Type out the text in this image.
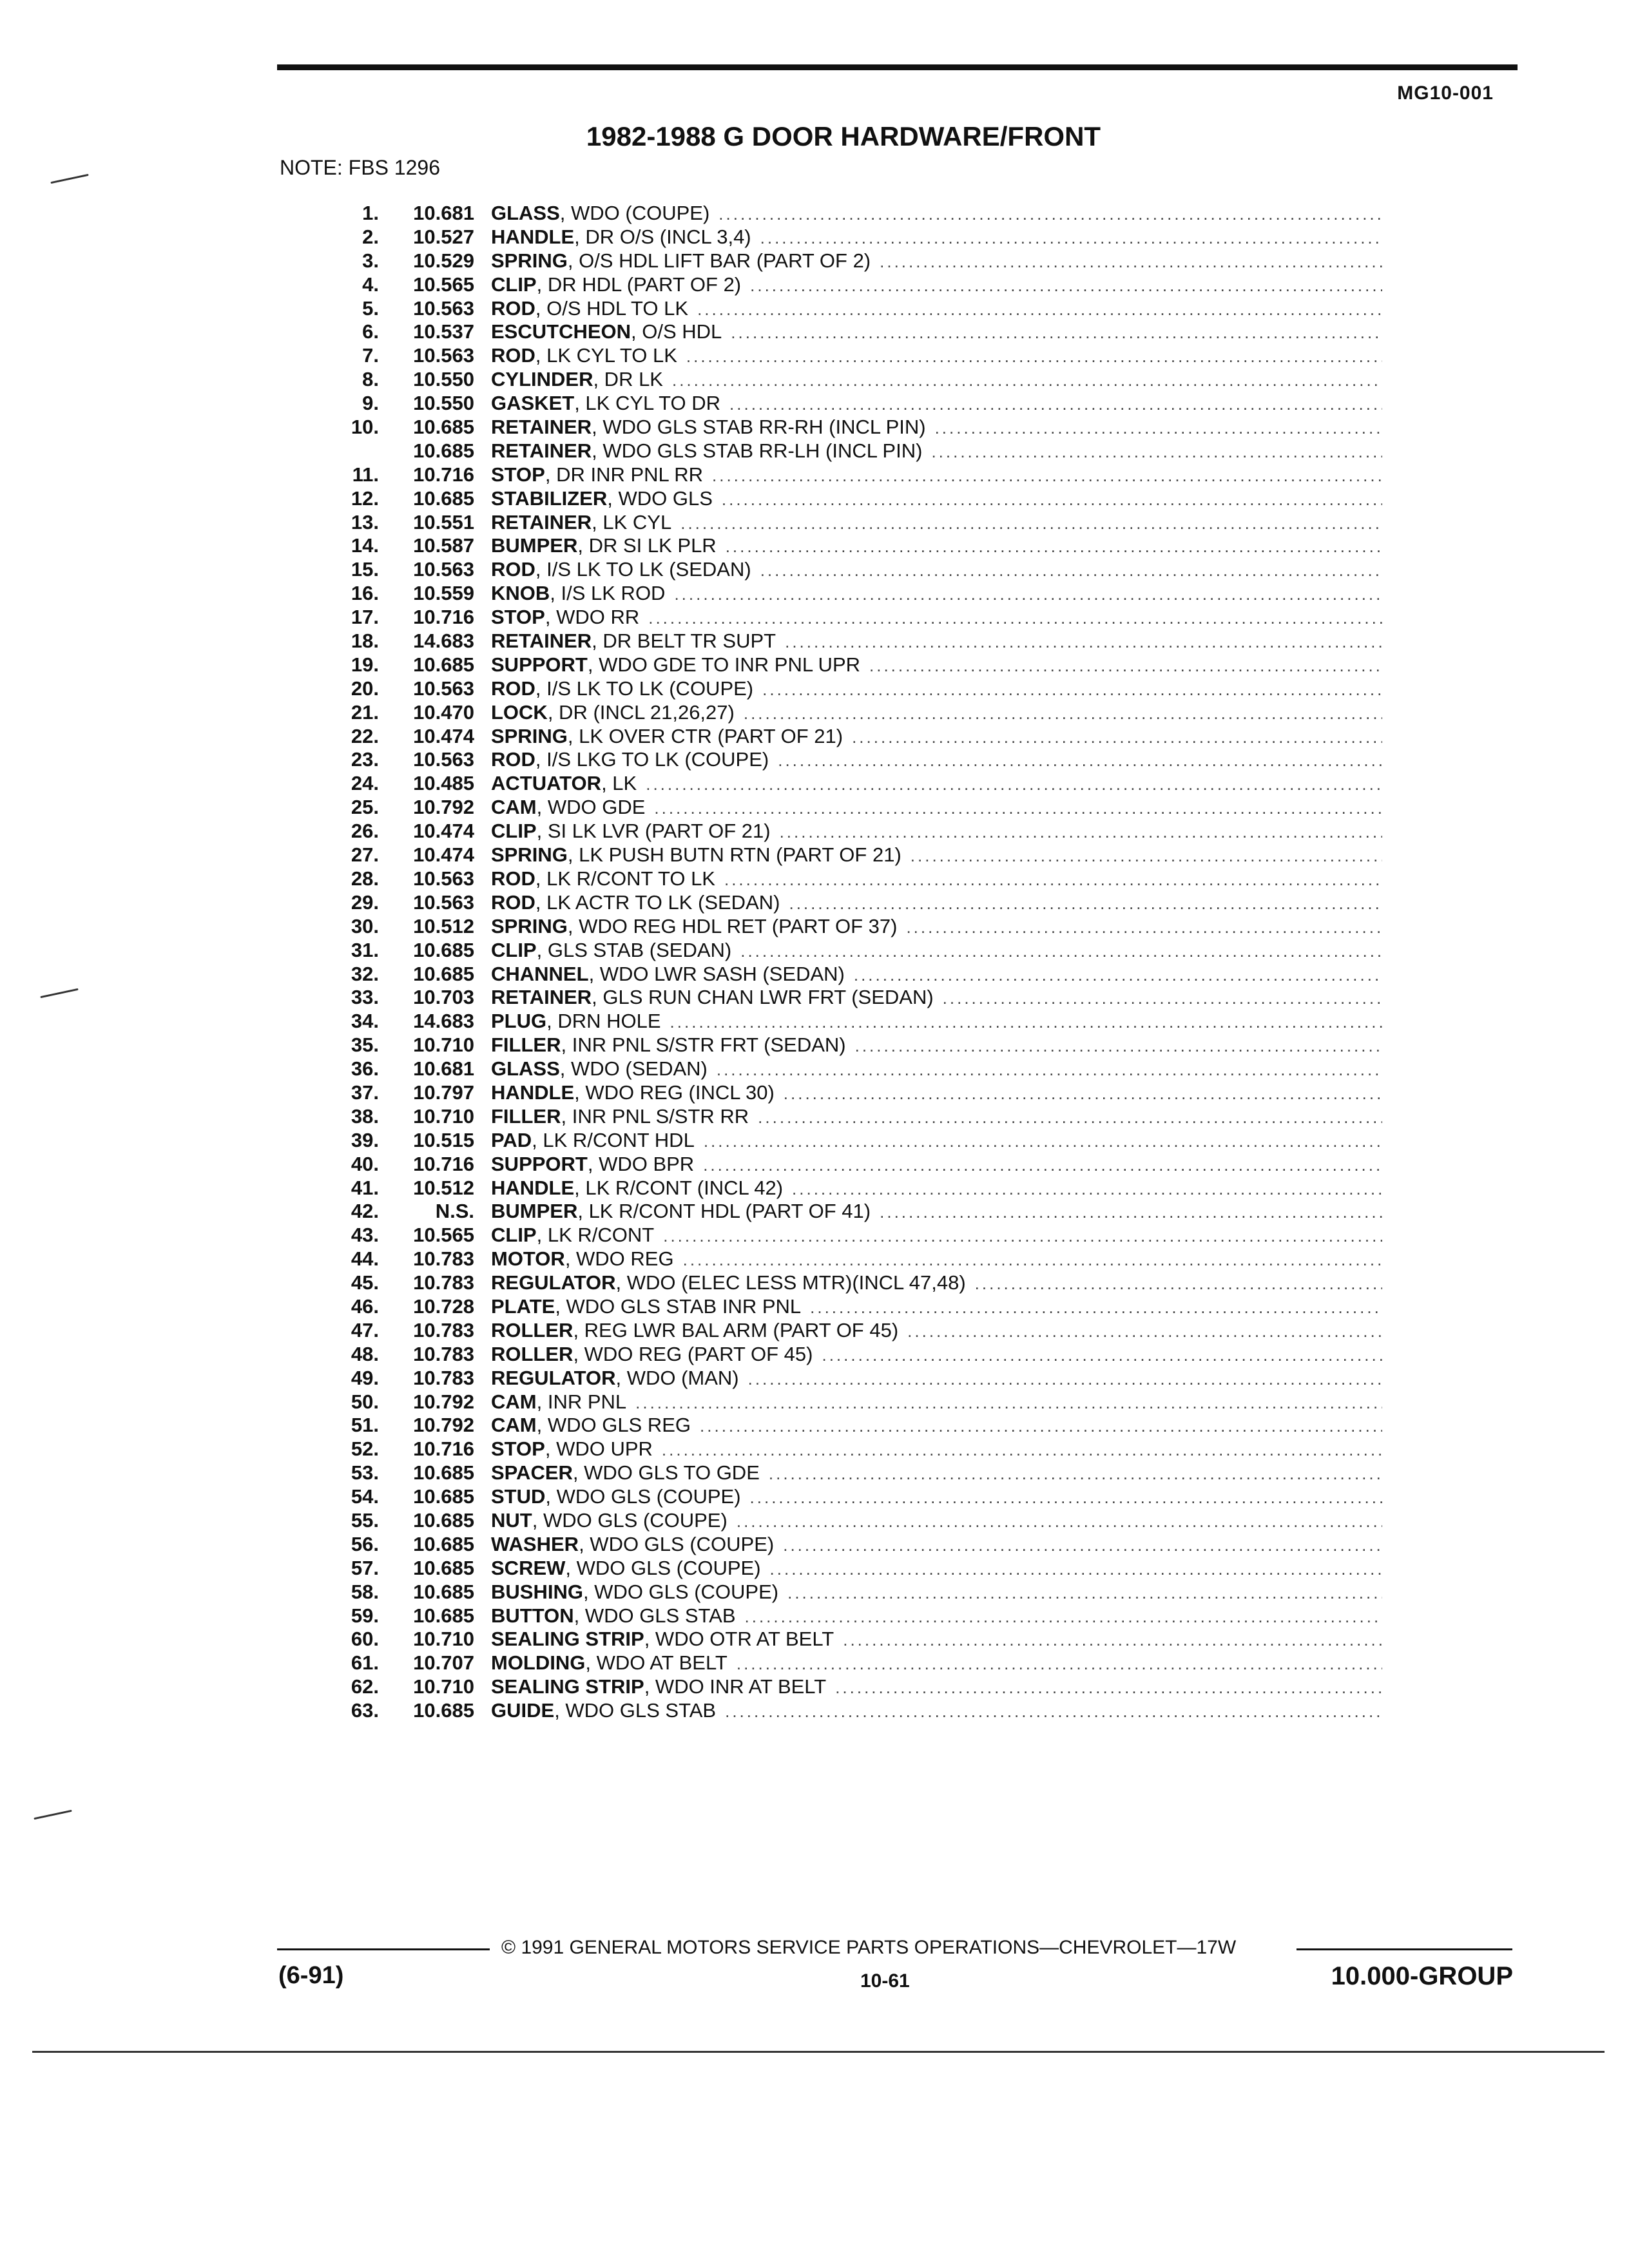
MG10-001
1982-1988 G DOOR HARDWARE/FRONT
NOTE: FBS 1296
1.	10.681 GLASS, WDO (COUPE)
.....
2.	10.527 HANDLE, DR O/S (INCL 3,4)
.....
3.	10.529 SPRING, O/S HDL LIFT BAR (PART OF 2)
.....
4.	10.565 CLIP, DR HDL (PART OF 2)
.....
5.	10.563 ROD, O/S HDL TO LK
.....
6.	10.537 ESCUTCHEON, O/S HDL
.....
7.	10.563 ROD, LK CYL TO LK
.....
8.	10.550 CYLINDER, DR LK
.....
9.	10.550 GASKET, LK CYL TO DR
.....
10.	10.685 RETAINER, WDO GLS STAB RR-RH (INCL PIN)
.....
10.685 RETAINER, WDO GLS STAB RR-LH (INCL PIN)
.....
11.	10.716 STOP, DR INR PNL RR
.....
12.	10.685 STABILIZER, WDO GLS
.....
13.	10.551 RETAINER, LK CYL
.....
14.	10.587 BUMPER, DR SI LK PLR
.....
15.	10.563 ROD, I/S LK TO LK (SEDAN)
.....
16.	10.559 KNOB, I/S LK ROD
.....
17.	10.716 STOP, WDO RR
.....
18.	14.683 RETAINER, DR BELT TR SUPT
.....
19.	10.685 SUPPORT, WDO GDE TO INR PNL UPR
.....
20.	10.563 ROD, I/S LK TO LK (COUPE)
.....
21.	10.470 LOCK, DR (INCL 21,26,27)
.....
22.	10.474 SPRING, LK OVER CTR (PART OF 21)
.....
23.	10.563 ROD, I/S LKG TO LK (COUPE)
.....
24.	10.485 ACTUATOR, LK
.....
25.	10.792 CAM, WDO GDE
.....
26.	10.474 CLIP, SI LK LVR (PART OF 21)
.....
27.	10.474 SPRING, LK PUSH BUTN RTN (PART OF 21)
.....
28.	10.563 ROD, LK R/CONT TO LK
.....
29.	10.563 ROD, LK ACTR TO LK (SEDAN)
.....
30.	10.512 SPRING, WDO REG HDL RET (PART OF 37)
.....
31.	10.685 CLIP, GLS STAB (SEDAN)
.....
32.	10.685 CHANNEL, WDO LWR SASH (SEDAN)
.....
33.	10.703 RETAINER, GLS RUN CHAN LWR FRT (SEDAN)
.....
34.	14.683 PLUG, DRN HOLE
.....
35.	10.710 FILLER, INR PNL S/STR FRT (SEDAN)
.....
36.	10.681 GLASS, WDO (SEDAN)
.....
37.	10.797 HANDLE, WDO REG (INCL 30)
.....
38.	10.710 FILLER, INR PNL S/STR RR
.....
39.	10.515 PAD, LK R/CONT HDL
.....
40.	10.716 SUPPORT, WDO BPR
.....
41.	10.512 HANDLE, LK R/CONT (INCL 42)
.....
42.	N.S. BUMPER, LK R/CONT HDL (PART OF 41)
.....
43.	10.565 CLIP, LK R/CONT
.....
44.	10.783 MOTOR, WDO REG
.....
45.	10.783 REGULATOR, WDO (ELEC LESS MTR)(INCL 47,48)
.....
46.	10.728 PLATE, WDO GLS STAB INR PNL
.....
47.	10.783 ROLLER, REG LWR BAL ARM (PART OF 45)
.....
48.	10.783 ROLLER, WDO REG (PART OF 45)
.....
49.	10.783 REGULATOR, WDO (MAN)
.....
50.	10.792 CAM, INR PNL
.....
51.	10.792 CAM, WDO GLS REG
.....
52.	10.716 STOP, WDO UPR
.....
53.	10.685 SPACER, WDO GLS TO GDE
.....
54.	10.685 STUD, WDO GLS (COUPE)
.....
55.	10.685 NUT, WDO GLS (COUPE)
.....
56.	10.685 WASHER, WDO GLS (COUPE)
.....
57.	10.685 SCREW, WDO GLS (COUPE)
.....
58.	10.685 BUSHING, WDO GLS (COUPE)
.....
59.	10.685 BUTTON, WDO GLS STAB
.....
60.	10.710 SEALING STRIP, WDO OTR AT BELT
.....
61.	10.707 MOLDING, WDO AT BELT
.....
62.	10.710 SEALING STRIP, WDO INR AT BELT
.....
63.	10.685 GUIDE, WDO GLS STAB
.....
© 1991 GENERAL MOTORS SERVICE PARTS OPERATIONS—CHEVROLET—17W
(6-91)	10-61	10.000-GROUP
